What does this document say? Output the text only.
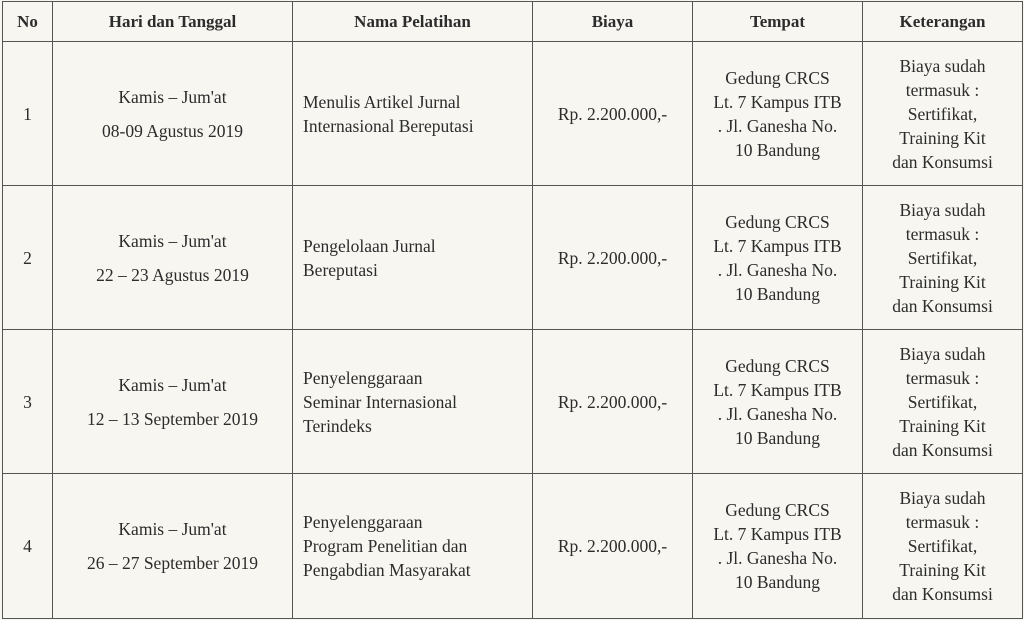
No	Hari dan Tanggal	Nama Pelatihan	Biaya	Tempat	Keterangan
1	Kamis – Jum'at
08-09 Agustus 2019	Menulis Artikel Jurnal
Internasional Bereputasi	Rp. 2.200.000,-	Gedung CRCS
Lt. 7 Kampus ITB
. Jl. Ganesha No.
10 Bandung	Biaya sudah
termasuk :
Sertifikat,
Training Kit
dan Konsumsi

2	Kamis – Jum'at
22 – 23 Agustus 2019	Pengelolaan Jurnal
Bereputasi	Rp. 2.200.000,-	Gedung CRCS
Lt. 7 Kampus ITB
. Jl. Ganesha No.
10 Bandung	Biaya sudah
termasuk :
Sertifikat,
Training Kit
dan Konsumsi

3	Kamis – Jum'at
12 – 13 September 2019	Penyelenggaraan
Seminar Internasional
Terindeks	Rp. 2.200.000,-	Gedung CRCS
Lt. 7 Kampus ITB
. Jl. Ganesha No.
10 Bandung	Biaya sudah
termasuk :
Sertifikat,
Training Kit
dan Konsumsi

4	Kamis – Jum'at
26 – 27 September 2019	Penyelenggaraan
Program Penelitian dan
Pengabdian Masyarakat	Rp. 2.200.000,-	Gedung CRCS
Lt. 7 Kampus ITB
. Jl. Ganesha No.
10 Bandung	Biaya sudah
termasuk :
Sertifikat,
Training Kit
dan Konsumsi
